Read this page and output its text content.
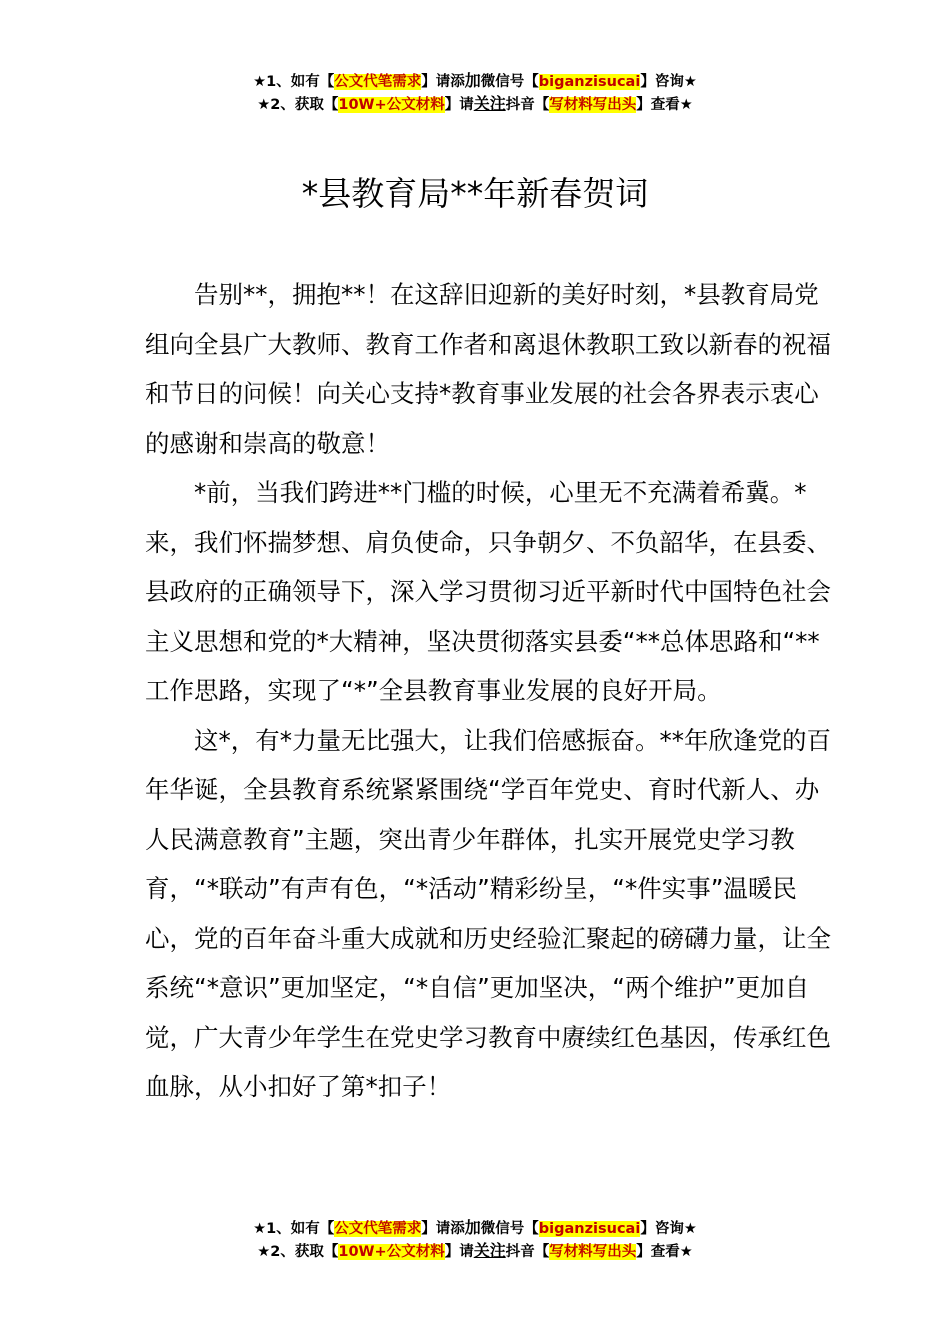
★1、如有【公文代笔需求】请添加微信号【biganzisucai】咨询★
★2、获取【10W+公文材料】请关注抖音【写材料写出头】查看★
*县教育局**年新春贺词

告别**，拥抱**！在这辞旧迎新的美好时刻，*县教育局党组向全县广大教师、教育工作者和离退休教职工致以新春的祝福和节日的问候！向关心支持*教育事业发展的社会各界表示衷心的感谢和崇高的敬意！

*前，当我们跨进**门槛的时候，心里无不充满着希冀。*来，我们怀揣梦想、肩负使命，只争朝夕、不负韶华，在县委、县政府的正确领导下，深入学习贯彻习近平新时代中国特色社会主义思想和党的*大精神，坚决贯彻落实县委“**总体思路和“**工作思路，实现了“*”全县教育事业发展的良好开局。

这*，有*力量无比强大，让我们倍感振奋。**年欣逢党的百年华诞，全县教育系统紧紧围绕“学百年党史、育时代新人、办人民满意教育”主题，突出青少年群体，扎实开展党史学习教育，“*联动”有声有色，“*活动”精彩纷呈，“*件实事”温暖民心，党的百年奋斗重大成就和历史经验汇聚起的磅礴力量，让全系统“*意识”更加坚定，“*自信”更加坚决，“两个维护”更加自觉，广大青少年学生在党史学习教育中赓续红色基因，传承红色血脉，从小扣好了第*扣子！

★1、如有【公文代笔需求】请添加微信号【biganzisucai】咨询★
★2、获取【10W+公文材料】请关注抖音【写材料写出头】查看★
